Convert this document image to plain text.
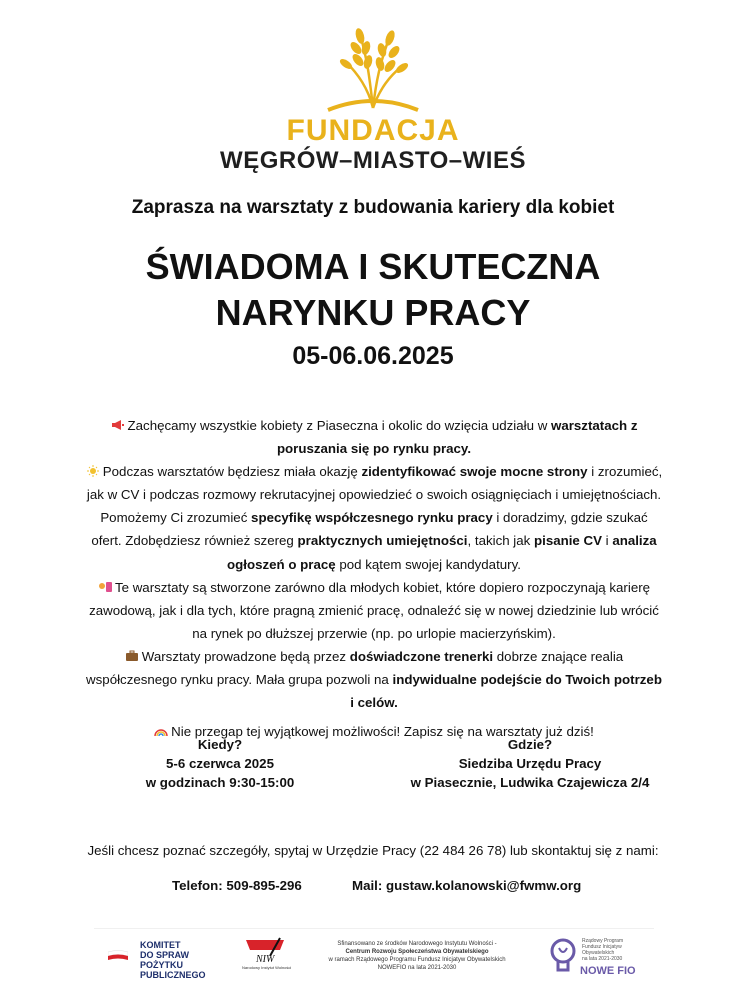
FUNDACJA
WĘGRÓW–MIASTO–WIEŚ
Zaprasza na warsztaty z budowania kariery dla kobiet
ŚWIADOMA I SKUTECZNA
NARYNKU PRACY
05-06.06.2025

Zachęcamy wszystkie kobiety z Piaseczna i okolic do wzięcia udziału w warsztatach z poruszania się po rynku pracy.

Podczas warsztatów będziesz miała okazję zidentyfikować swoje mocne strony i zrozumieć, jak w CV i podczas rozmowy rekrutacyjnej opowiedzieć o swoich osiągnięciach i umiejętnościach. Pomożemy Ci zrozumieć specyfikę współczesnego rynku pracy i doradzimy, gdzie szukać ofert. Zdobędziesz również szereg praktycznych umiejętności, takich jak pisanie CV i analiza ogłoszeń o pracę pod kątem swojej kandydatury.

Te warsztaty są stworzone zarówno dla młodych kobiet, które dopiero rozpoczynają karierę zawodową, jak i dla tych, które pragną zmienić pracę, odnaleźć się w nowej dziedzinie lub wrócić na rynek po dłuższej przerwie (np. po urlopie macierzyńskim).

Warsztaty prowadzone będą przez doświadczone trenerki dobrze znające realia współczesnego rynku pracy. Mała grupa pozwoli na indywidualne podejście do Twoich potrzeb i celów.

Nie przegap tej wyjątkowej możliwości! Zapisz się na warsztaty już dziś!

Kiedy?
5-6 czerwca 2025
w godzinach 9:30-15:00
Gdzie?
Siedziba Urzędu Pracy
w Piasecznie, Ludwika Czajewicza 2/4
Jeśli chcesz poznać szczegóły, spytaj w Urzędzie Pracy (22 484 26 78) lub skontaktuj się z nami:
Telefon: 509-895-296	Mail: gustaw.kolanowski@fwmw.org
KOMITET
DO SPRAW
POŻYTKU
PUBLICZNEGO
NIW
Narodowy Instytut Wolności
Sfinansowano ze środków Narodowego Instytutu Wolności -
Centrum Rozwoju Społeczeństwa Obywatelskiego
w ramach Rządowego Programu Fundusz Inicjatyw Obywatelskich
NOWEFIO na lata 2021-2030
Rządowy Program
Fundusz Inicjatyw
Obywatelskich
na lata 2021-2030
NOWE FIO
